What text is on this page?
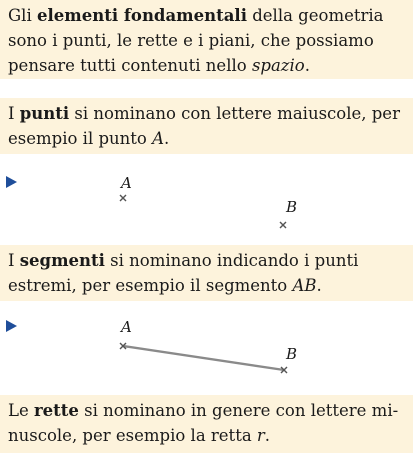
Gli elementi fondamentali della geometria sono i punti, le rette e i piani, che possiamo pensare tutti contenuti nello spazio.

I punti si nominano con lettere maiuscole, per esempio il punto A.

A
B

I segmenti si nominano indicando i punti estremi, per esempio il segmento AB.

A
B

Le rette si nominano in genere con lettere mi-nuscole, per esempio la retta r.
